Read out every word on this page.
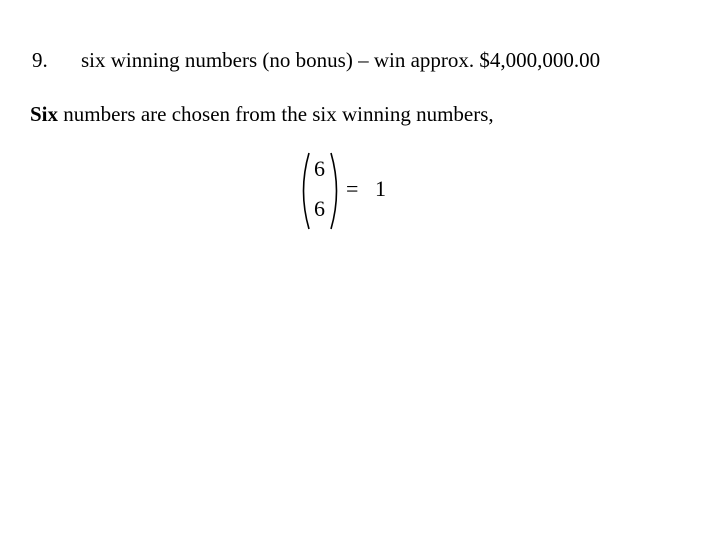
9. six winning numbers (no bonus) – win approx. $4,000,000.00
Six numbers are chosen from the six winning numbers,
6
6
= 1
